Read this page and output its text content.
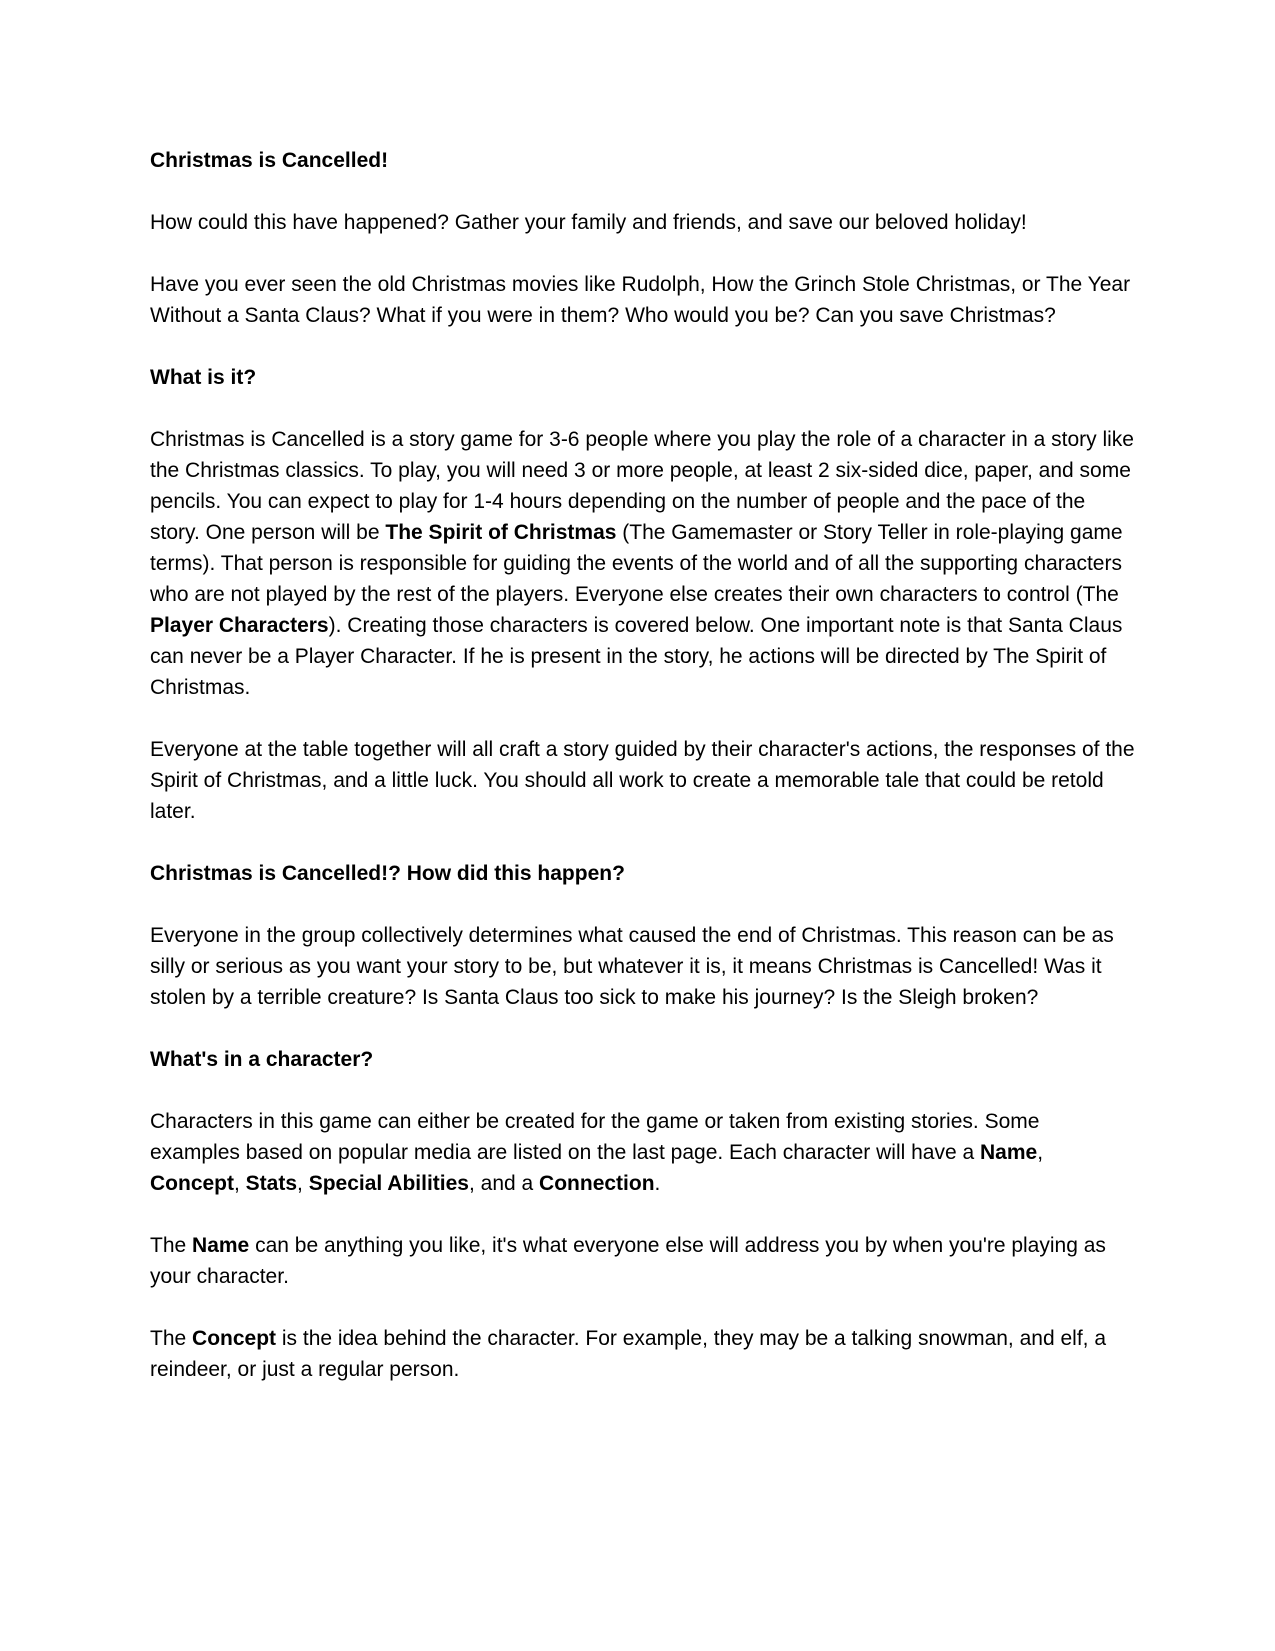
Christmas is Cancelled!

How could this have happened? Gather your family and friends, and save our beloved holiday!

Have you ever seen the old Christmas movies like Rudolph, How the Grinch Stole Christmas, or The Year Without a Santa Claus? What if you were in them? Who would you be? Can you save Christmas?

What is it?

Christmas is Cancelled is a story game for 3-6 people where you play the role of a character in a story like the Christmas classics. To play, you will need 3 or more people, at least 2 six-sided dice, paper, and some pencils. You can expect to play for 1-4 hours depending on the number of people and the pace of the story. One person will be The Spirit of Christmas (The Gamemaster or Story Teller in role-playing game terms). That person is responsible for guiding the events of the world and of all the supporting characters who are not played by the rest of the players. Everyone else creates their own characters to control (The Player Characters). Creating those characters is covered below. One important note is that Santa Claus can never be a Player Character. If he is present in the story, he actions will be directed by The Spirit of Christmas.

Everyone at the table together will all craft a story guided by their character's actions, the responses of the Spirit of Christmas, and a little luck. You should all work to create a memorable tale that could be retold later.

Christmas is Cancelled!? How did this happen?

Everyone in the group collectively determines what caused the end of Christmas. This reason can be as silly or serious as you want your story to be, but whatever it is, it means Christmas is Cancelled! Was it stolen by a terrible creature? Is Santa Claus too sick to make his journey? Is the Sleigh broken?

What's in a character?

Characters in this game can either be created for the game or taken from existing stories. Some examples based on popular media are listed on the last page. Each character will have a Name, Concept, Stats, Special Abilities, and a Connection.

The Name can be anything you like, it's what everyone else will address you by when you're playing as your character.

The Concept is the idea behind the character. For example, they may be a talking snowman, and elf, a reindeer, or just a regular person.
